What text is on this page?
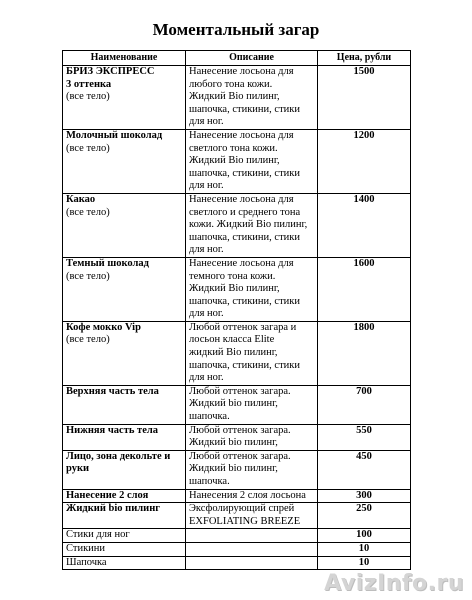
Моментальный загар
Наименование	Описание	Цена, рубли

БРИЗ ЭКСПРЕСС
3 оттенка
(все тело)	Нанесение лосьона для
любого тона кожи.
Жидкий Bio пилинг,
шапочка, стикини, стики
для ног.	1500

Молочный шоколад
(все тело)	Нанесение лосьона для
светлого тона кожи.
Жидкий Bio пилинг,
шапочка, стикини, стики
для ног.	1200

Какао
(все тело)	Нанесение лосьона для
светлого и среднего тона
кожи. Жидкий Bio пилинг,
шапочка, стикини, стики
для ног.	1400

Темный шоколад
(все тело)	Нанесение лосьона для
темного тона кожи.
Жидкий Bio пилинг,
шапочка, стикини, стики
для ног.	1600

Кофе мокко Vip
(все тело)	Любой оттенок загара и
лосьон класса Elite
жидкий Bio пилинг,
шапочка, стикини, стики
для ног.	1800

Верхняя часть тела	Любой оттенок загара.
Жидкий bio пилинг,
шапочка.	700

Нижняя часть тела	Любой оттенок загара.
Жидкий bio пилинг,	550

Лицо, зона декольте и руки	Любой оттенок загара.
Жидкий bio пилинг,
шапочка.	450

Нанесение 2 слоя	Нанесения 2 слоя лосьона	300

Жидкий bio пилинг	Эксфолирующий спрей
EXFOLIATING BREEZE	250
Стики для ног		100
Стикини		10
Шапочка		10
AvizInfo.ru
